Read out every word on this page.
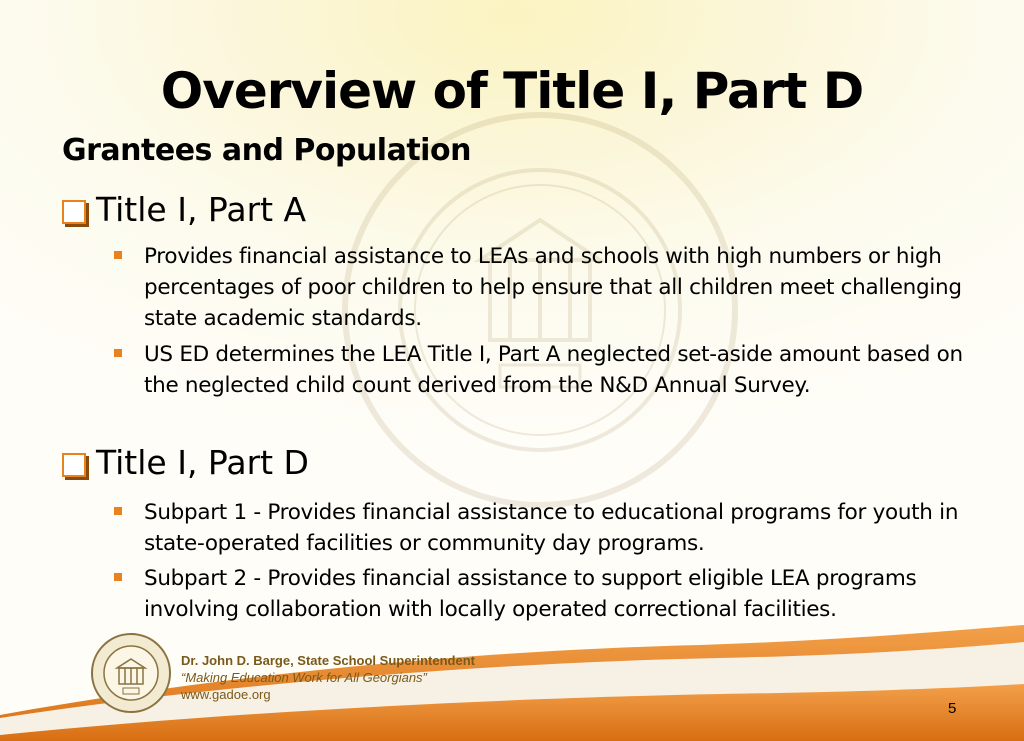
Overview of Title I, Part D
Grantees and Population
Title I, Part A
Provides financial assistance to LEAs and schools with high numbers or high percentages of poor children to help ensure that all children meet challenging state academic standards.
US ED determines the LEA Title I, Part A neglected set-aside amount based on the neglected child count derived from the N&D Annual Survey.
Title I, Part D
Subpart 1 - Provides financial assistance to educational programs for youth in state-operated facilities or community day programs.
Subpart 2 - Provides financial assistance to support eligible LEA programs involving collaboration with locally operated correctional facilities.
Dr. John D. Barge, State School Superintendent
“Making Education Work for All Georgians”
www.gadoe.org
5
